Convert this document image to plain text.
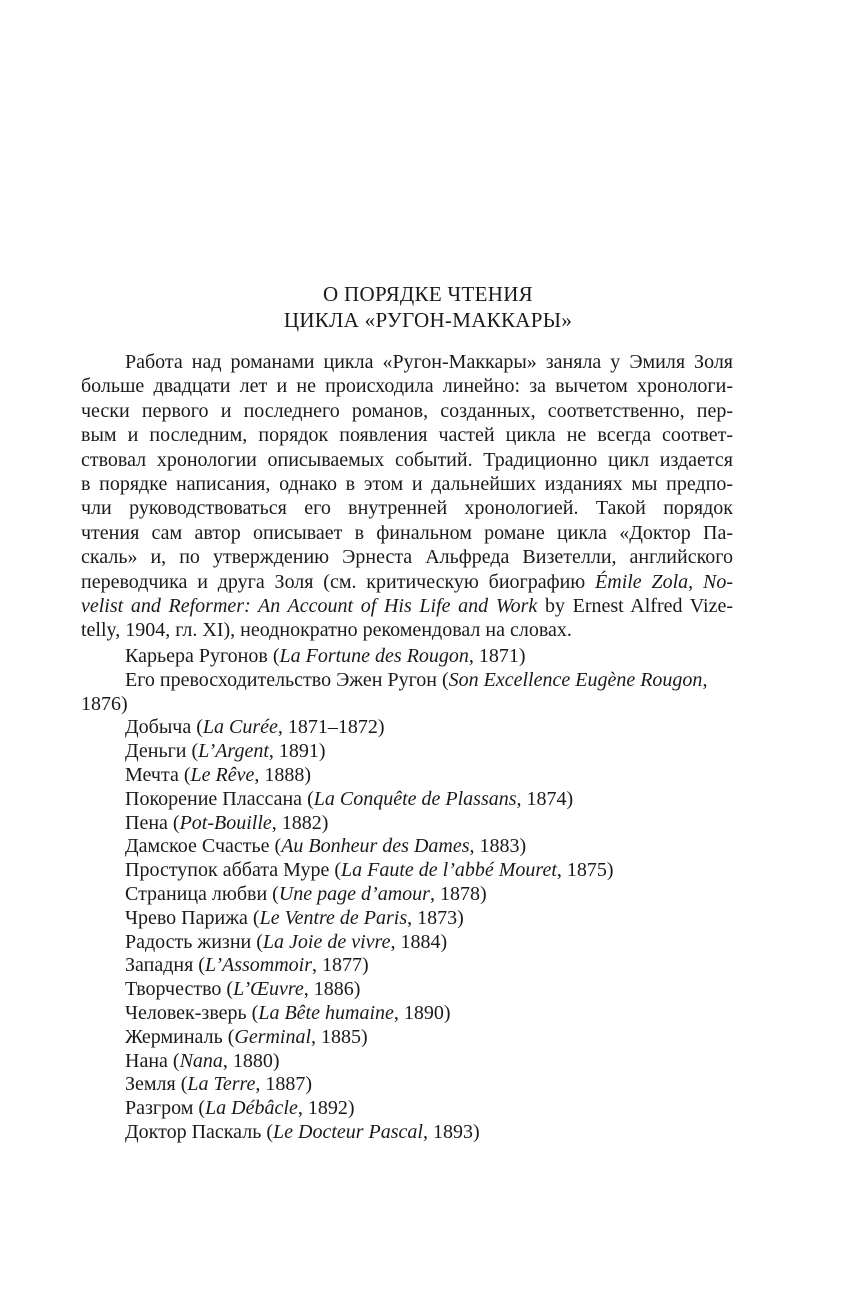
О ПОРЯДКЕ ЧТЕНИЯ
ЦИКЛА «РУГОН-МАККАРЫ»

Работа над романами цикла «Ругон-Маккары» заняла у Эмиля Золя
больше двадцати лет и не происходила линейно: за вычетом хронологи-
чески первого и последнего романов, созданных, соответственно, пер-
вым и последним, порядок появления частей цикла не всегда соответ-
ствовал хронологии описываемых событий. Традиционно цикл издается
в порядке написания, однако в этом и дальнейших изданиях мы предпо-
чли руководствоваться его внутренней хронологией. Такой порядок
чтения сам автор описывает в финальном романе цикла «Доктор Па-
скаль» и, по утверждению Эрнеста Альфреда Визетелли, английского
переводчика и друга Золя (см. критическую биографию Émile Zola, No-
velist and Reformer: An Account of His Life and Work by Ernest Alfred Vize-
telly, 1904, гл. XI), неоднократно рекомендовал на словах.

Карьера Ругонов (La Fortune des Rougon, 1871)
Его превосходительство Эжен Ругон (Son Excellence Eugène Rougon,
1876)
Добыча (La Curée, 1871–1872)
Деньги (L’Argent, 1891)
Мечта (Le Rêve, 1888)
Покорение Плассана (La Conquête de Plassans, 1874)
Пена (Pot-Bouille, 1882)
Дамское Счастье (Au Bonheur des Dames, 1883)
Проступок аббата Муре (La Faute de l’abbé Mouret, 1875)
Страница любви (Une page d’amour, 1878)
Чрево Парижа (Le Ventre de Paris, 1873)
Радость жизни (La Joie de vivre, 1884)
Западня (L’Assommoir, 1877)
Творчество (L’Œuvre, 1886)
Человек-зверь (La Bête humaine, 1890)
Жерминаль (Germinal, 1885)
Нана (Nana, 1880)
Земля (La Terre, 1887)
Разгром (La Débâcle, 1892)
Доктор Паскаль (Le Docteur Pascal, 1893)
